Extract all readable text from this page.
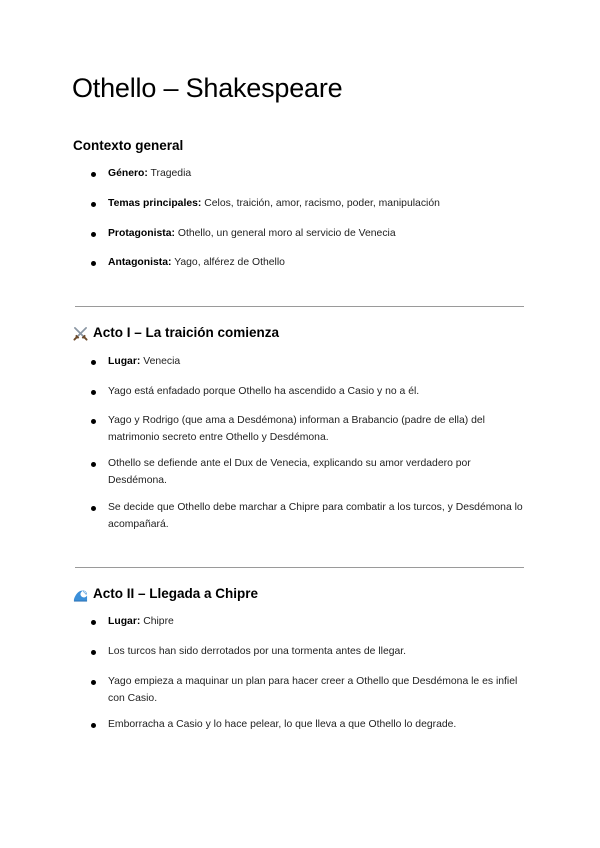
Othello – Shakespeare
Contexto general
Género: Tragedia
Temas principales: Celos, traición, amor, racismo, poder, manipulación
Protagonista: Othello, un general moro al servicio de Venecia
Antagonista: Yago, alférez de Othello
Acto I – La traición comienza
Lugar: Venecia
Yago está enfadado porque Othello ha ascendido a Casio y no a él.
Yago y Rodrigo (que ama a Desdémona) informan a Brabancio (padre de ella) del matrimonio secreto entre Othello y Desdémona.
Othello se defiende ante el Dux de Venecia, explicando su amor verdadero por Desdémona.
Se decide que Othello debe marchar a Chipre para combatir a los turcos, y Desdémona lo acompañará.
Acto II – Llegada a Chipre
Lugar: Chipre
Los turcos han sido derrotados por una tormenta antes de llegar.
Yago empieza a maquinar un plan para hacer creer a Othello que Desdémona le es infiel con Casio.
Emborracha a Casio y lo hace pelear, lo que lleva a que Othello lo degrade.
